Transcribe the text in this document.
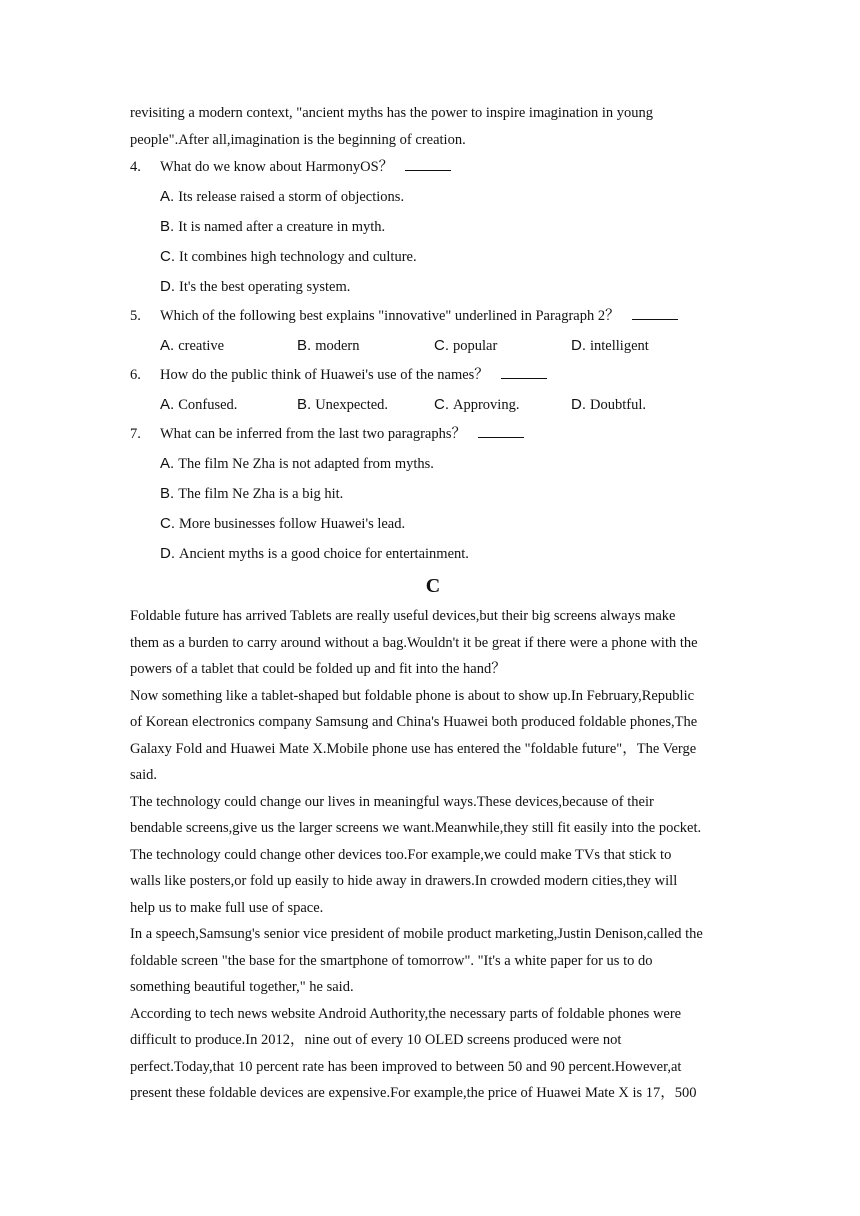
revisiting a modern context, "ancient myths has the power to inspire imagination in young
people".After all,imagination is the beginning of creation.
4.	What do we know about HarmonyOS？
A. Its release raised a storm of objections.
B. It is named after a creature in myth.
C. It combines high technology and culture.
D. It's the best operating system.
5.	Which of the following best explains "innovative" underlined in Paragraph 2？
A. creative	B. modern	C. popular	D. intelligent
6.	How do the public think of Huawei's use of the names？
A. Confused.	B. Unexpected.	C. Approving.	D. Doubtful.
7.	What can be inferred from the last two paragraphs？
A. The film Ne Zha is not adapted from myths.
B. The film Ne Zha is a big hit.
C. More businesses follow Huawei's lead.
D. Ancient myths is a good choice for entertainment.
C
Foldable future has arrived Tablets are really useful devices,but their big screens always make
them as a burden to carry around without a bag.Wouldn't it be great if there were a phone with the
powers of a tablet that could be folded up and fit into the hand？
Now something like a tablet-shaped but foldable phone is about to show up.In February,Republic
of Korean electronics company Samsung and China's Huawei both produced foldable phones,The
Galaxy Fold and Huawei Mate X.Mobile phone use has entered the "foldable future"，The Verge
said.
The technology could change our lives in meaningful ways.These devices,because of their
bendable screens,give us the larger screens we want.Meanwhile,they still fit easily into the pocket.
The technology could change other devices too.For example,we could make TVs that stick to
walls like posters,or fold up easily to hide away in drawers.In crowded modern cities,they will
help us to make full use of space.
In a speech,Samsung's senior vice president of mobile product marketing,Justin Denison,called the
foldable screen "the base for the smartphone of tomorrow". "It's a white paper for us to do
something beautiful together," he said.
According to tech news website Android Authority,the necessary parts of foldable phones were
difficult to produce.In 2012，nine out of every 10 OLED screens produced were not
perfect.Today,that 10 percent rate has been improved to between 50 and 90 percent.However,at
present these foldable devices are expensive.For example,the price of Huawei Mate X is 17，500
